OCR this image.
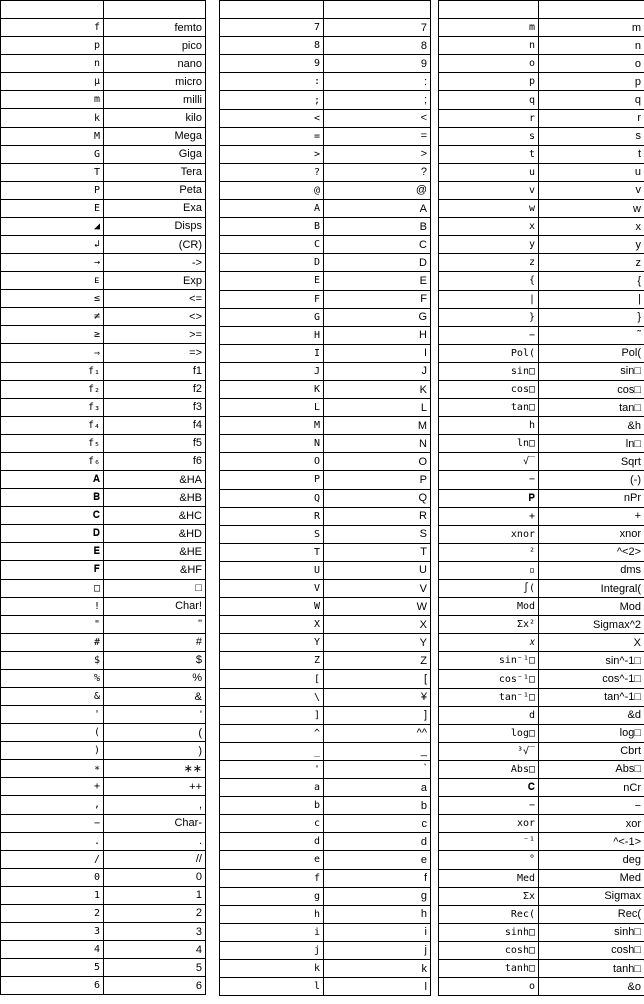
f	femto
p	pico
n	nano
μ	micro
m	milli
k	kilo
M	Mega
G	Giga
T	Tera
P	Peta
E	Exa
◢	Disps
↲	(CR)
→	->
ᴇ	Exp
≤	<=
≠	<>
≥	>=
⇒	=>
f₁	f1
f₂	f2
f₃	f3
f₄	f4
f₅	f5
f₆	f6
𝐀	&HA
𝐁	&HB
𝐂	&HC
𝐃	&HD
𝐄	&HE
𝐅	&HF
□	□
!	Char!
"	"
#	#
$	$
%	%
&	&
'	'
(	(
)	)
∗	∗∗
+	++
,	,
−	Char-
.	.
/	//
0	0
1	1
2	2
3	3
4	4
5	5
6	6

7	7
8	8
9	9
:	:
;	;
<	<
=	=
>	>
?	?
@	@
A	A
B	B
C	C
D	D
E	E
F	F
G	G
H	H
I	I
J	J
K	K
L	L
M	M
N	N
O	O
P	P
Q	Q
R	R
S	S
T	T
U	U
V	V
W	W
X	X
Y	Y
Z	Z
[	[
\	¥
]	]
^	^^
_	_
'	`
a	a
b	b
c	c
d	d
e	e
f	f
g	g
h	h
i	i
j	j
k	k
l	l

m	m
n	n
o	o
p	p
q	q
r	r
s	s
t	t
u	u
v	v
w	w
x	x
y	y
z	z
{	{
|	|
}	}
−	˜
Pol(	Pol(
sin□	sin□
cos□	cos□
tan□	tan□
h	&h
ln□	ln□
√‾	Sqrt
−	(-)
𝐏	nPr
+	+
xnor	xnor
²	^<2>
▫	dms
∫(	Integral(
Mod	Mod
Σx²	Sigmax^2
𝑥	X
sin⁻¹□	sin^-1□
cos⁻¹□	cos^-1□
tan⁻¹□	tan^-1□
d	&d
log□	log□
³√‾	Cbrt
Abs□	Abs□
𝐂	nCr
−	−
xor	xor
⁻¹	^<-1>
°	deg
Med	Med
Σx	Sigmax
Rec(	Rec(
sinh□	sinh□
cosh□	cosh□
tanh□	tanh□
o	&o
